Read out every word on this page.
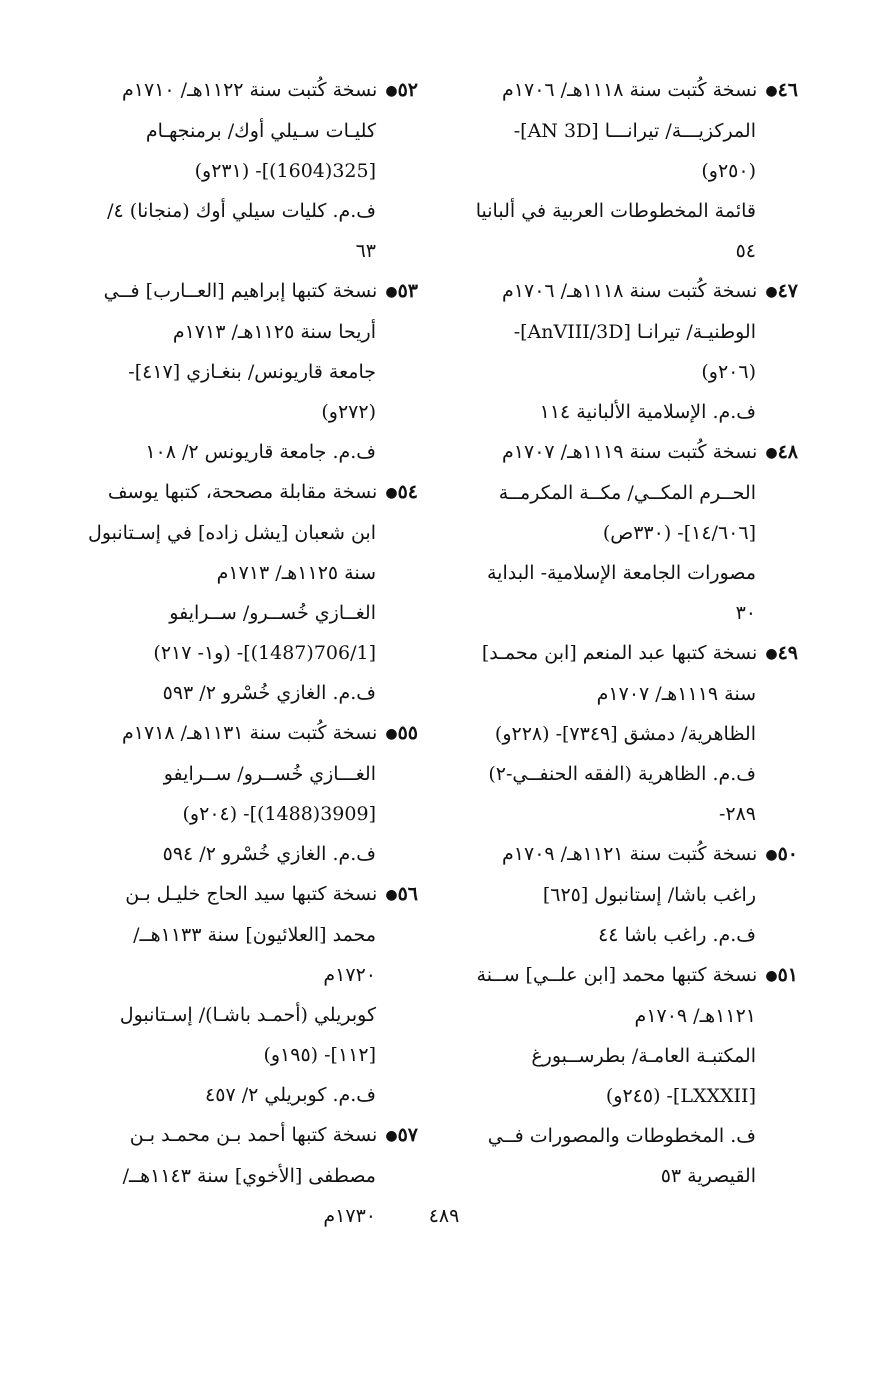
٤٦● نسخة كُتبت سنة ١١١٨هـ/ ١٧٠٦م
المركزيـــة/ تيرانـــا [AN 3D]-
(٢٥٠و)
قائمة المخطوطات العربية في ألبانيا
٥٤
٤٧● نسخة كُتبت سنة ١١١٨هـ/ ١٧٠٦م
الوطنيـة/ تيرانـا [AnVIII/3D]-
(٢٠٦و)
ف.م. الإسلامية الألبانية ١١٤
٤٨● نسخة كُتبت سنة ١١١٩هـ/ ١٧٠٧م
الحــرم المكــي/ مكــة المكرمــة
[١٤/٦٠٦]- (٣٣٠ص)
مصورات الجامعة الإسلامية- البداية
٣٠
٤٩● نسخة كتبها عبد المنعم [ابن محمـد]
سنة ١١١٩هـ/ ١٧٠٧م
الظاهرية/ دمشق [٧٣٤٩]- (٢٢٨و)
ف.م. الظاهرية (الفقه الحنفــي-٢)
٢٨٩-
٥٠● نسخة كُتبت سنة ١١٢١هـ/ ١٧٠٩م
راغب باشا/ إستانبول [٦٢٥]
ف.م. راغب باشا ٤٤
٥١● نسخة كتبها محمد [ابن علــي] ســنة
١١٢١هـ/ ١٧٠٩م
المكتبـة العامـة/ بطرســبورغ
[LXXXII]- (٢٤٥و)
ف. المخطوطات والمصورات فــي
القيصرية ٥٣
٥٢● نسخة كُتبت سنة ١١٢٢هـ/ ١٧١٠م
كليـات سـيلي أوك/ برمنجهـام
[325(1604)]- (٢٣١و)
ف.م. كليات سيلي أوك (منجانا) ٤/
٦٣
٥٣● نسخة كتبها إبراهيم [العــارب] فــي
أريحا سنة ١١٢٥هـ/ ١٧١٣م
جامعة قاريونس/ بنغـازي [٤١٧]-
(٢٧٢و)
ف.م. جامعة قاريونس ٢/ ١٠٨
٥٤● نسخة مقابلة مصححة، كتبها يوسف
ابن شعبان [يشل زاده] في إسـتانبول
سنة ١١٢٥هـ/ ١٧١٣م
الغــازي خُســرو/ ســرايفو
[706/1(1487)]- (و١- ٢١٧)
ف.م. الغازي خُسْرو ٢/ ٥٩٣
٥٥● نسخة كُتبت سنة ١١٣١هـ/ ١٧١٨م
الغـــازي خُســرو/ ســرايفو
[3909(1488)]- (٢٠٤و)
ف.م. الغازي خُسْرو ٢/ ٥٩٤
٥٦● نسخة كتبها سيد الحاج خليـل بـن
محمد [العلائيون] سنة ١١٣٣هــ/
١٧٢٠م
كوبريلي (أحمـد باشـا)/ إسـتانبول
[١١٢]- (١٩٥و)
ف.م. كوبريلي ٢/ ٤٥٧
٥٧● نسخة كتبها أحمد بـن محمـد بـن
مصطفى [الأخوي] سنة ١١٤٣هــ/
١٧٣٠م	٤٨٩
